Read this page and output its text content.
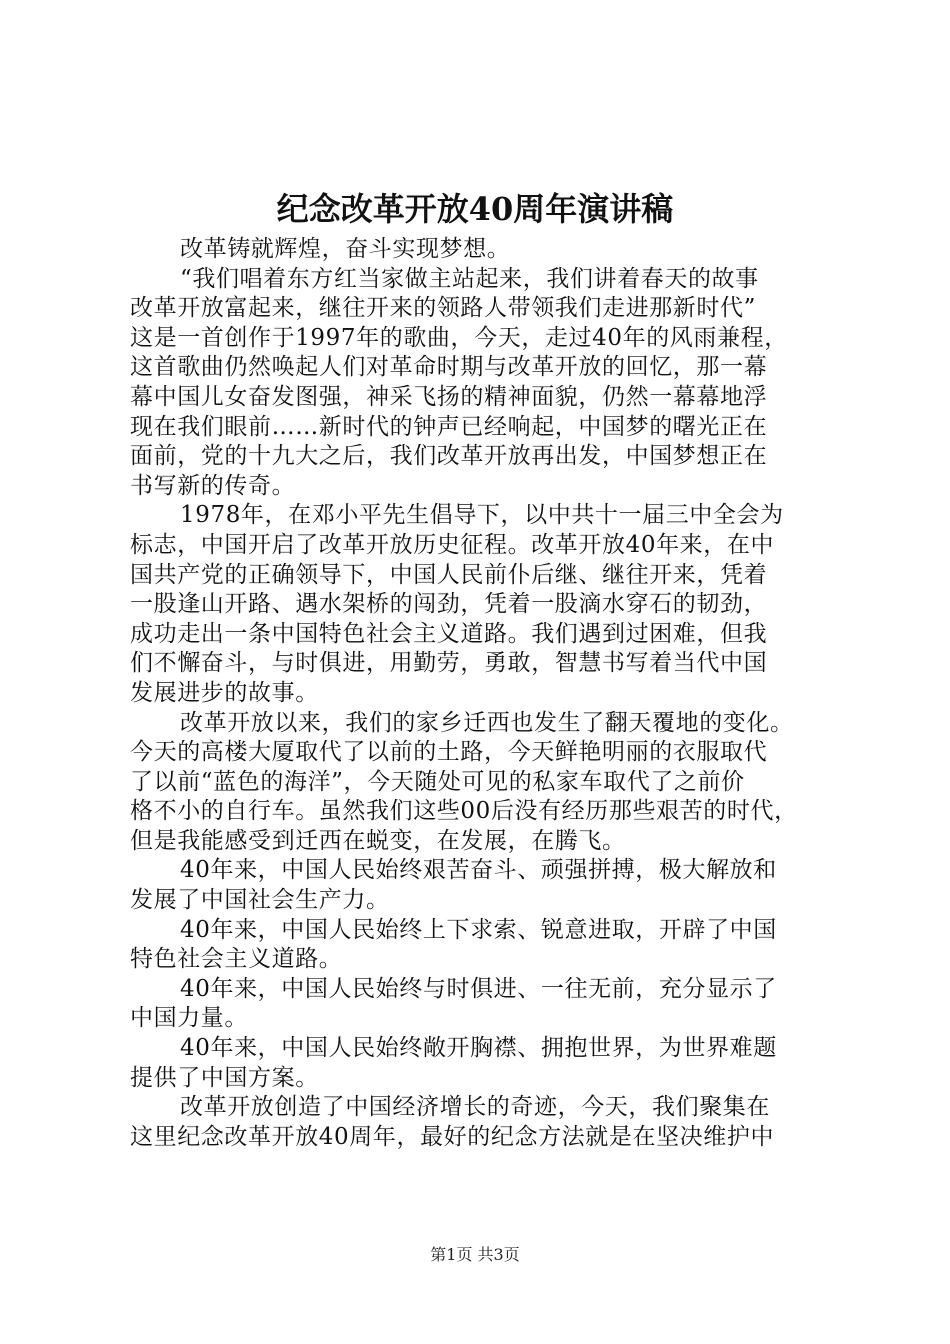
纪念改革开放40周年演讲稿
改革铸就辉煌，奋斗实现梦想。
“我们唱着东方红当家做主站起来，我们讲着春天的故事
改革开放富起来，继往开来的领路人带领我们走进那新时代”
这是一首创作于1997年的歌曲，今天，走过40年的风雨兼程，
这首歌曲仍然唤起人们对革命时期与改革开放的回忆，那一幕
幕中国儿女奋发图强，神采飞扬的精神面貌，仍然一幕幕地浮
现在我们眼前……新时代的钟声已经响起，中国梦的曙光正在
面前，党的十九大之后，我们改革开放再出发，中国梦想正在
书写新的传奇。
1978年，在邓小平先生倡导下，以中共十一届三中全会为
标志，中国开启了改革开放历史征程。改革开放40年来，在中
国共产党的正确领导下，中国人民前仆后继、继往开来，凭着
一股逢山开路、遇水架桥的闯劲，凭着一股滴水穿石的韧劲，
成功走出一条中国特色社会主义道路。我们遇到过困难，但我
们不懈奋斗，与时俱进，用勤劳，勇敢，智慧书写着当代中国
发展进步的故事。
改革开放以来，我们的家乡迁西也发生了翻天覆地的变化。
今天的高楼大厦取代了以前的土路，今天鲜艳明丽的衣服取代
了以前“蓝色的海洋”，今天随处可见的私家车取代了之前价
格不小的自行车。虽然我们这些00后没有经历那些艰苦的时代，
但是我能感受到迁西在蜕变，在发展，在腾飞。
40年来，中国人民始终艰苦奋斗、顽强拼搏，极大解放和
发展了中国社会生产力。
40年来，中国人民始终上下求索、锐意进取，开辟了中国
特色社会主义道路。
40年来，中国人民始终与时俱进、一往无前，充分显示了
中国力量。
40年来，中国人民始终敞开胸襟、拥抱世界，为世界难题
提供了中国方案。
改革开放创造了中国经济增长的奇迹，今天，我们聚集在
这里纪念改革开放40周年，最好的纪念方法就是在坚决维护中
第1页 共3页
